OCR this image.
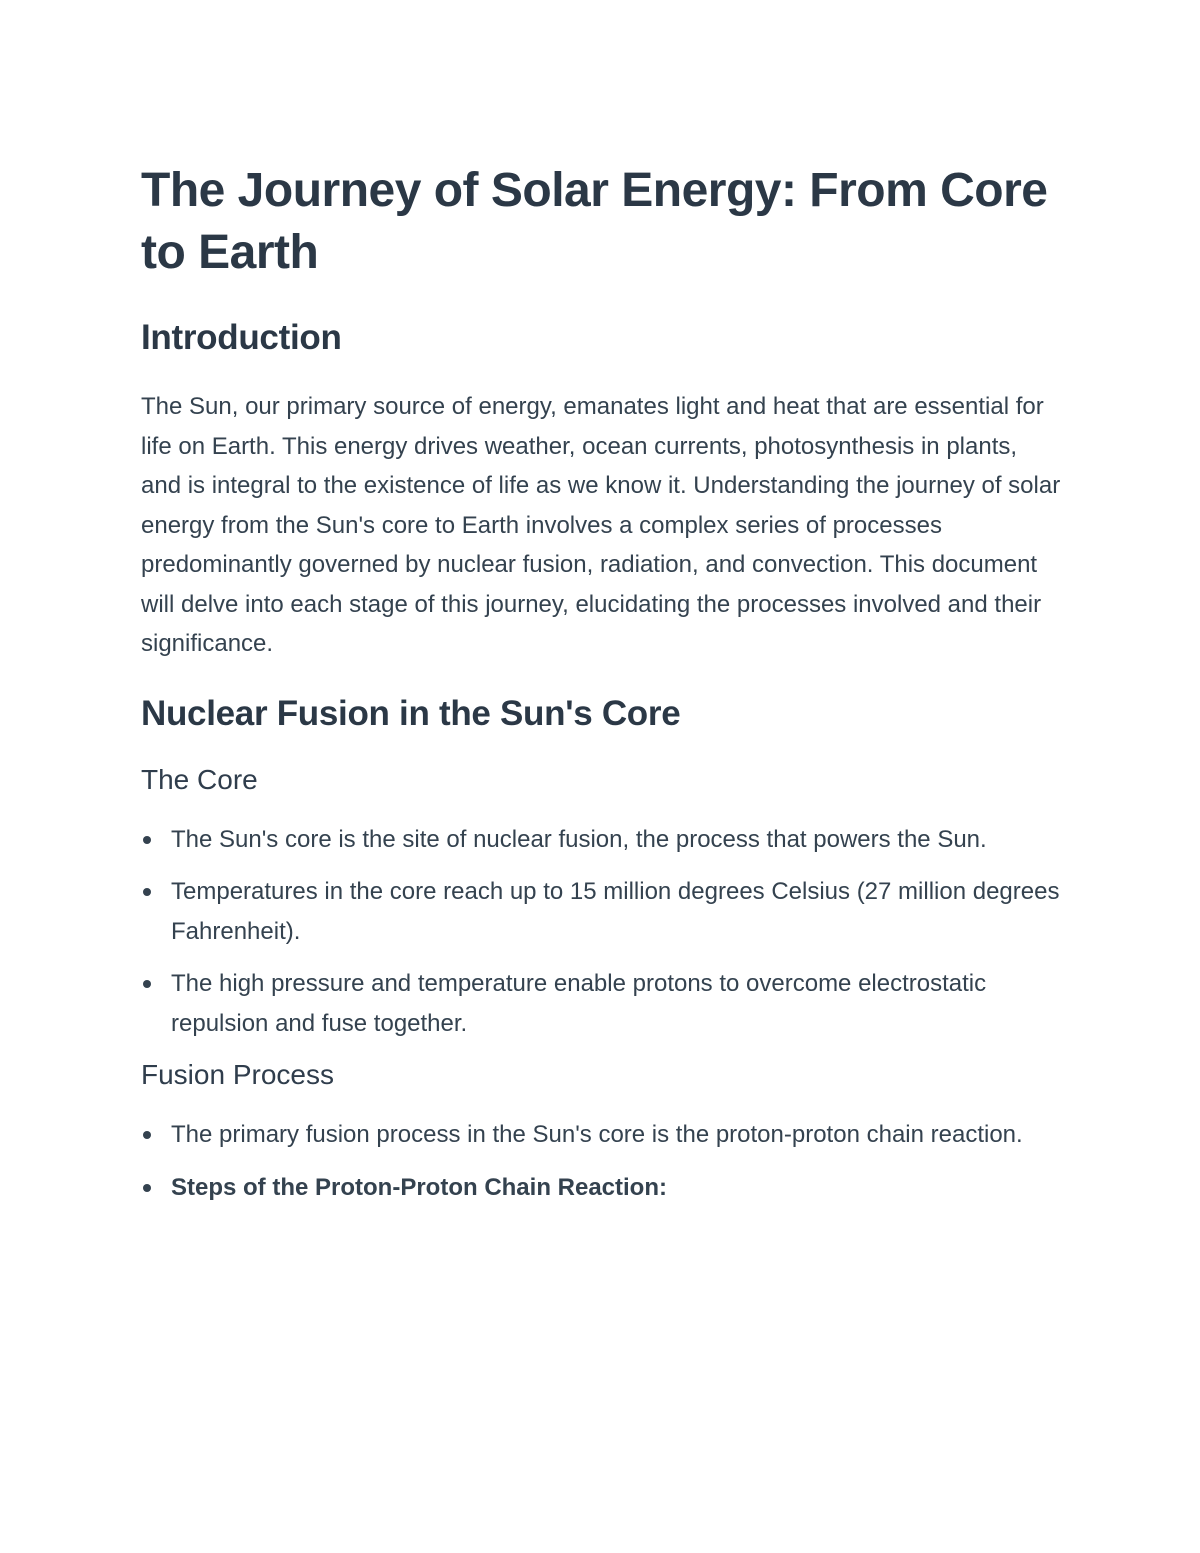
The Journey of Solar Energy: From Core to Earth
Introduction

The Sun, our primary source of energy, emanates light and heat that are essential for life on Earth. This energy drives weather, ocean currents, photosynthesis in plants, and is integral to the existence of life as we know it. Understanding the journey of solar energy from the Sun's core to Earth involves a complex series of processes predominantly governed by nuclear fusion, radiation, and convection. This document will delve into each stage of this journey, elucidating the processes involved and their significance.

Nuclear Fusion in the Sun's Core
The Core
The Sun's core is the site of nuclear fusion, the process that powers the Sun.
Temperatures in the core reach up to 15 million degrees Celsius (27 million degrees Fahrenheit).
The high pressure and temperature enable protons to overcome electrostatic repulsion and fuse together.
Fusion Process
The primary fusion process in the Sun's core is the proton-proton chain reaction.
Steps of the Proton-Proton Chain Reaction:
